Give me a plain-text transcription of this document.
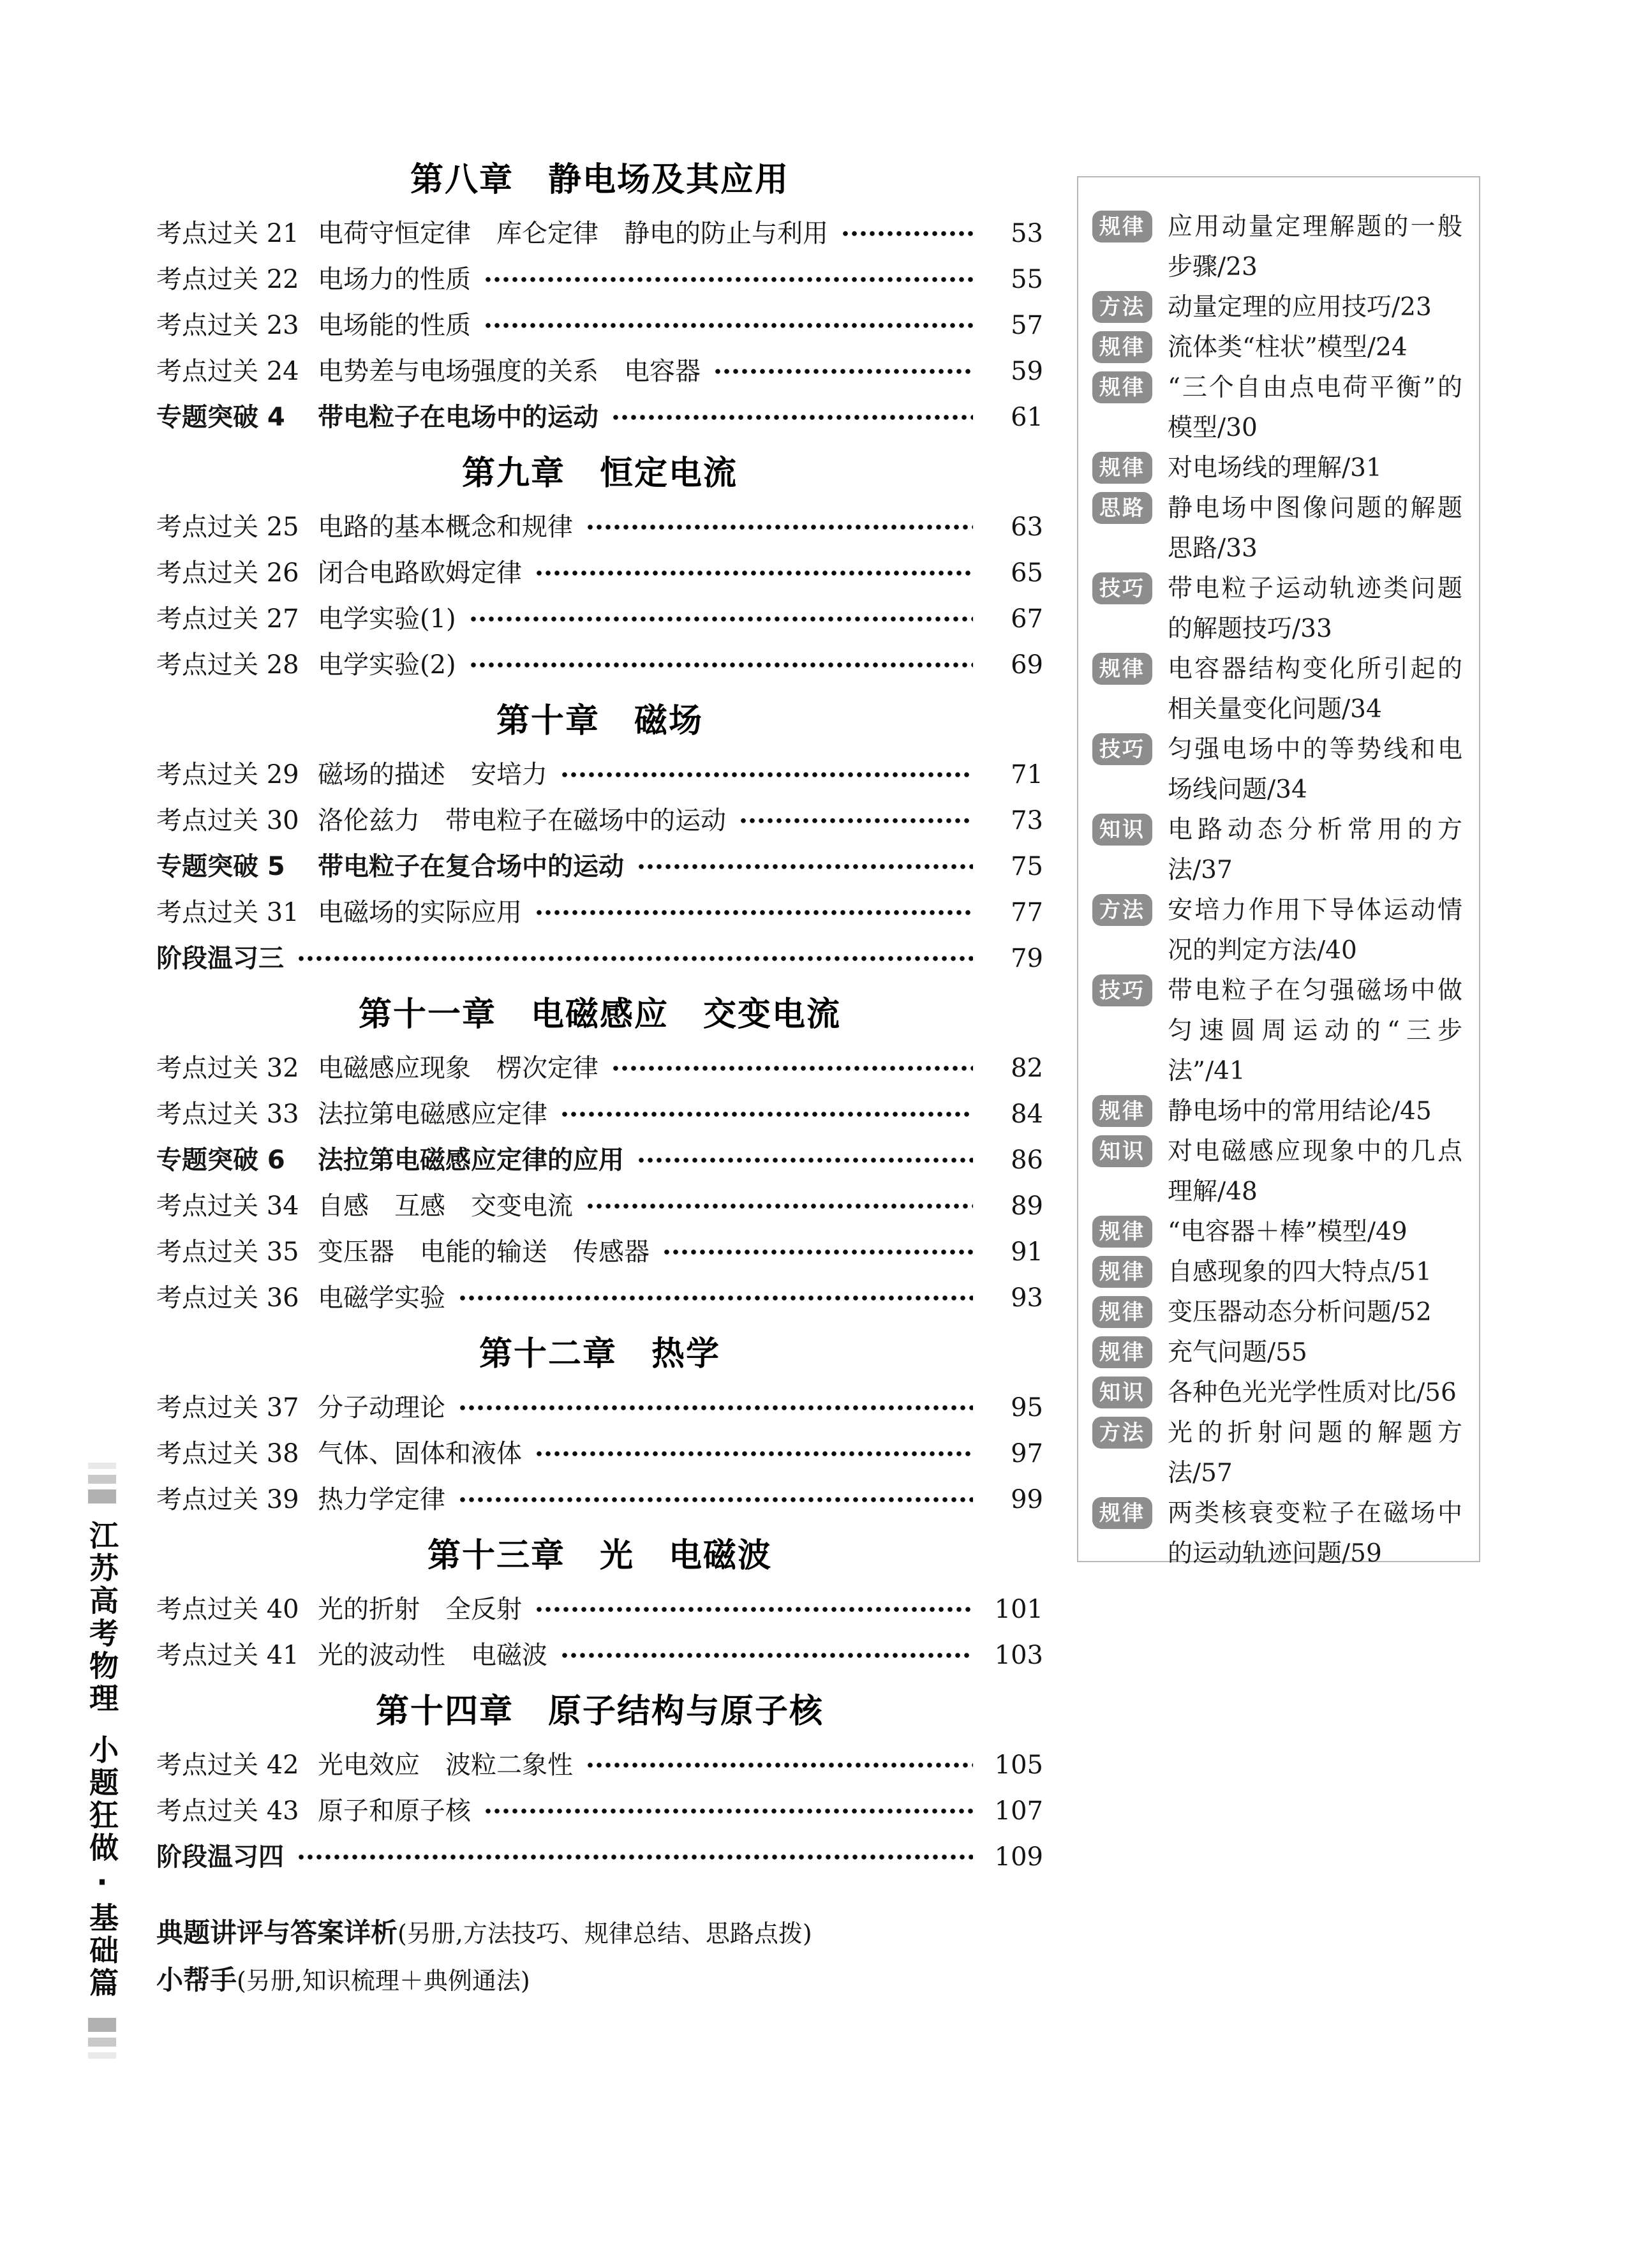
江苏高考物理
小题狂做·基础篇
第八章　静电场及其应用
考点过关 21 电荷守恒定律　库仑定律　静电的防止与利用	53
考点过关 22 电场力的性质	55
考点过关 23 电场能的性质	57
考点过关 24 电势差与电场强度的关系　电容器	59
专题突破 4	带电粒子在电场中的运动	61
第九章　恒定电流
考点过关 25 电路的基本概念和规律	63
考点过关 26 闭合电路欧姆定律	65
考点过关 27 电学实验(1)	67
考点过关 28 电学实验(2)	69
第十章　磁场
考点过关 29 磁场的描述　安培力	71
考点过关 30 洛伦兹力　带电粒子在磁场中的运动	73
专题突破 5	带电粒子在复合场中的运动	75
考点过关 31 电磁场的实际应用	77
阶段温习三	79
第十一章　电磁感应　交变电流
考点过关 32 电磁感应现象　楞次定律	82
考点过关 33 法拉第电磁感应定律	84
专题突破 6	法拉第电磁感应定律的应用	86
考点过关 34 自感　互感　交变电流	89
考点过关 35 变压器　电能的输送　传感器	91
考点过关 36 电磁学实验	93
第十二章　热学
考点过关 37 分子动理论	95
考点过关 38 气体、固体和液体	97
考点过关 39 热力学定律	99
第十三章　光　电磁波
考点过关 40 光的折射　全反射	101
考点过关 41 光的波动性　电磁波	103
第十四章　原子结构与原子核
考点过关 42 光电效应　波粒二象性	105
考点过关 43 原子和原子核	107
阶段温习四	109
典题讲评与答案详析(另册,方法技巧、规律总结、思路点拨)
小帮手(另册,知识梳理＋典例通法)
规律 应用动量定理解题的一般步骤/23
方法 动量定理的应用技巧/23
规律 流体类“柱状”模型/24
规律 “三个自由点电荷平衡”的模型/30
规律 对电场线的理解/31
思路 静电场中图像问题的解题思路/33
技巧 带电粒子运动轨迹类问题的解题技巧/33
规律 电容器结构变化所引起的相关量变化问题/34
技巧 匀强电场中的等势线和电场线问题/34
知识 电路动态分析常用的方法/37
方法 安培力作用下导体运动情况的判定方法/40
技巧 带电粒子在匀强磁场中做匀速圆周运动的“三步法”/41
规律 静电场中的常用结论/45
知识 对电磁感应现象中的几点理解/48
规律 “电容器＋棒”模型/49
规律 自感现象的四大特点/51
规律 变压器动态分析问题/52
规律 充气问题/55
知识 各种色光光学性质对比/56
方法 光的折射问题的解题方法/57
规律 两类核衰变粒子在磁场中的运动轨迹问题/59
